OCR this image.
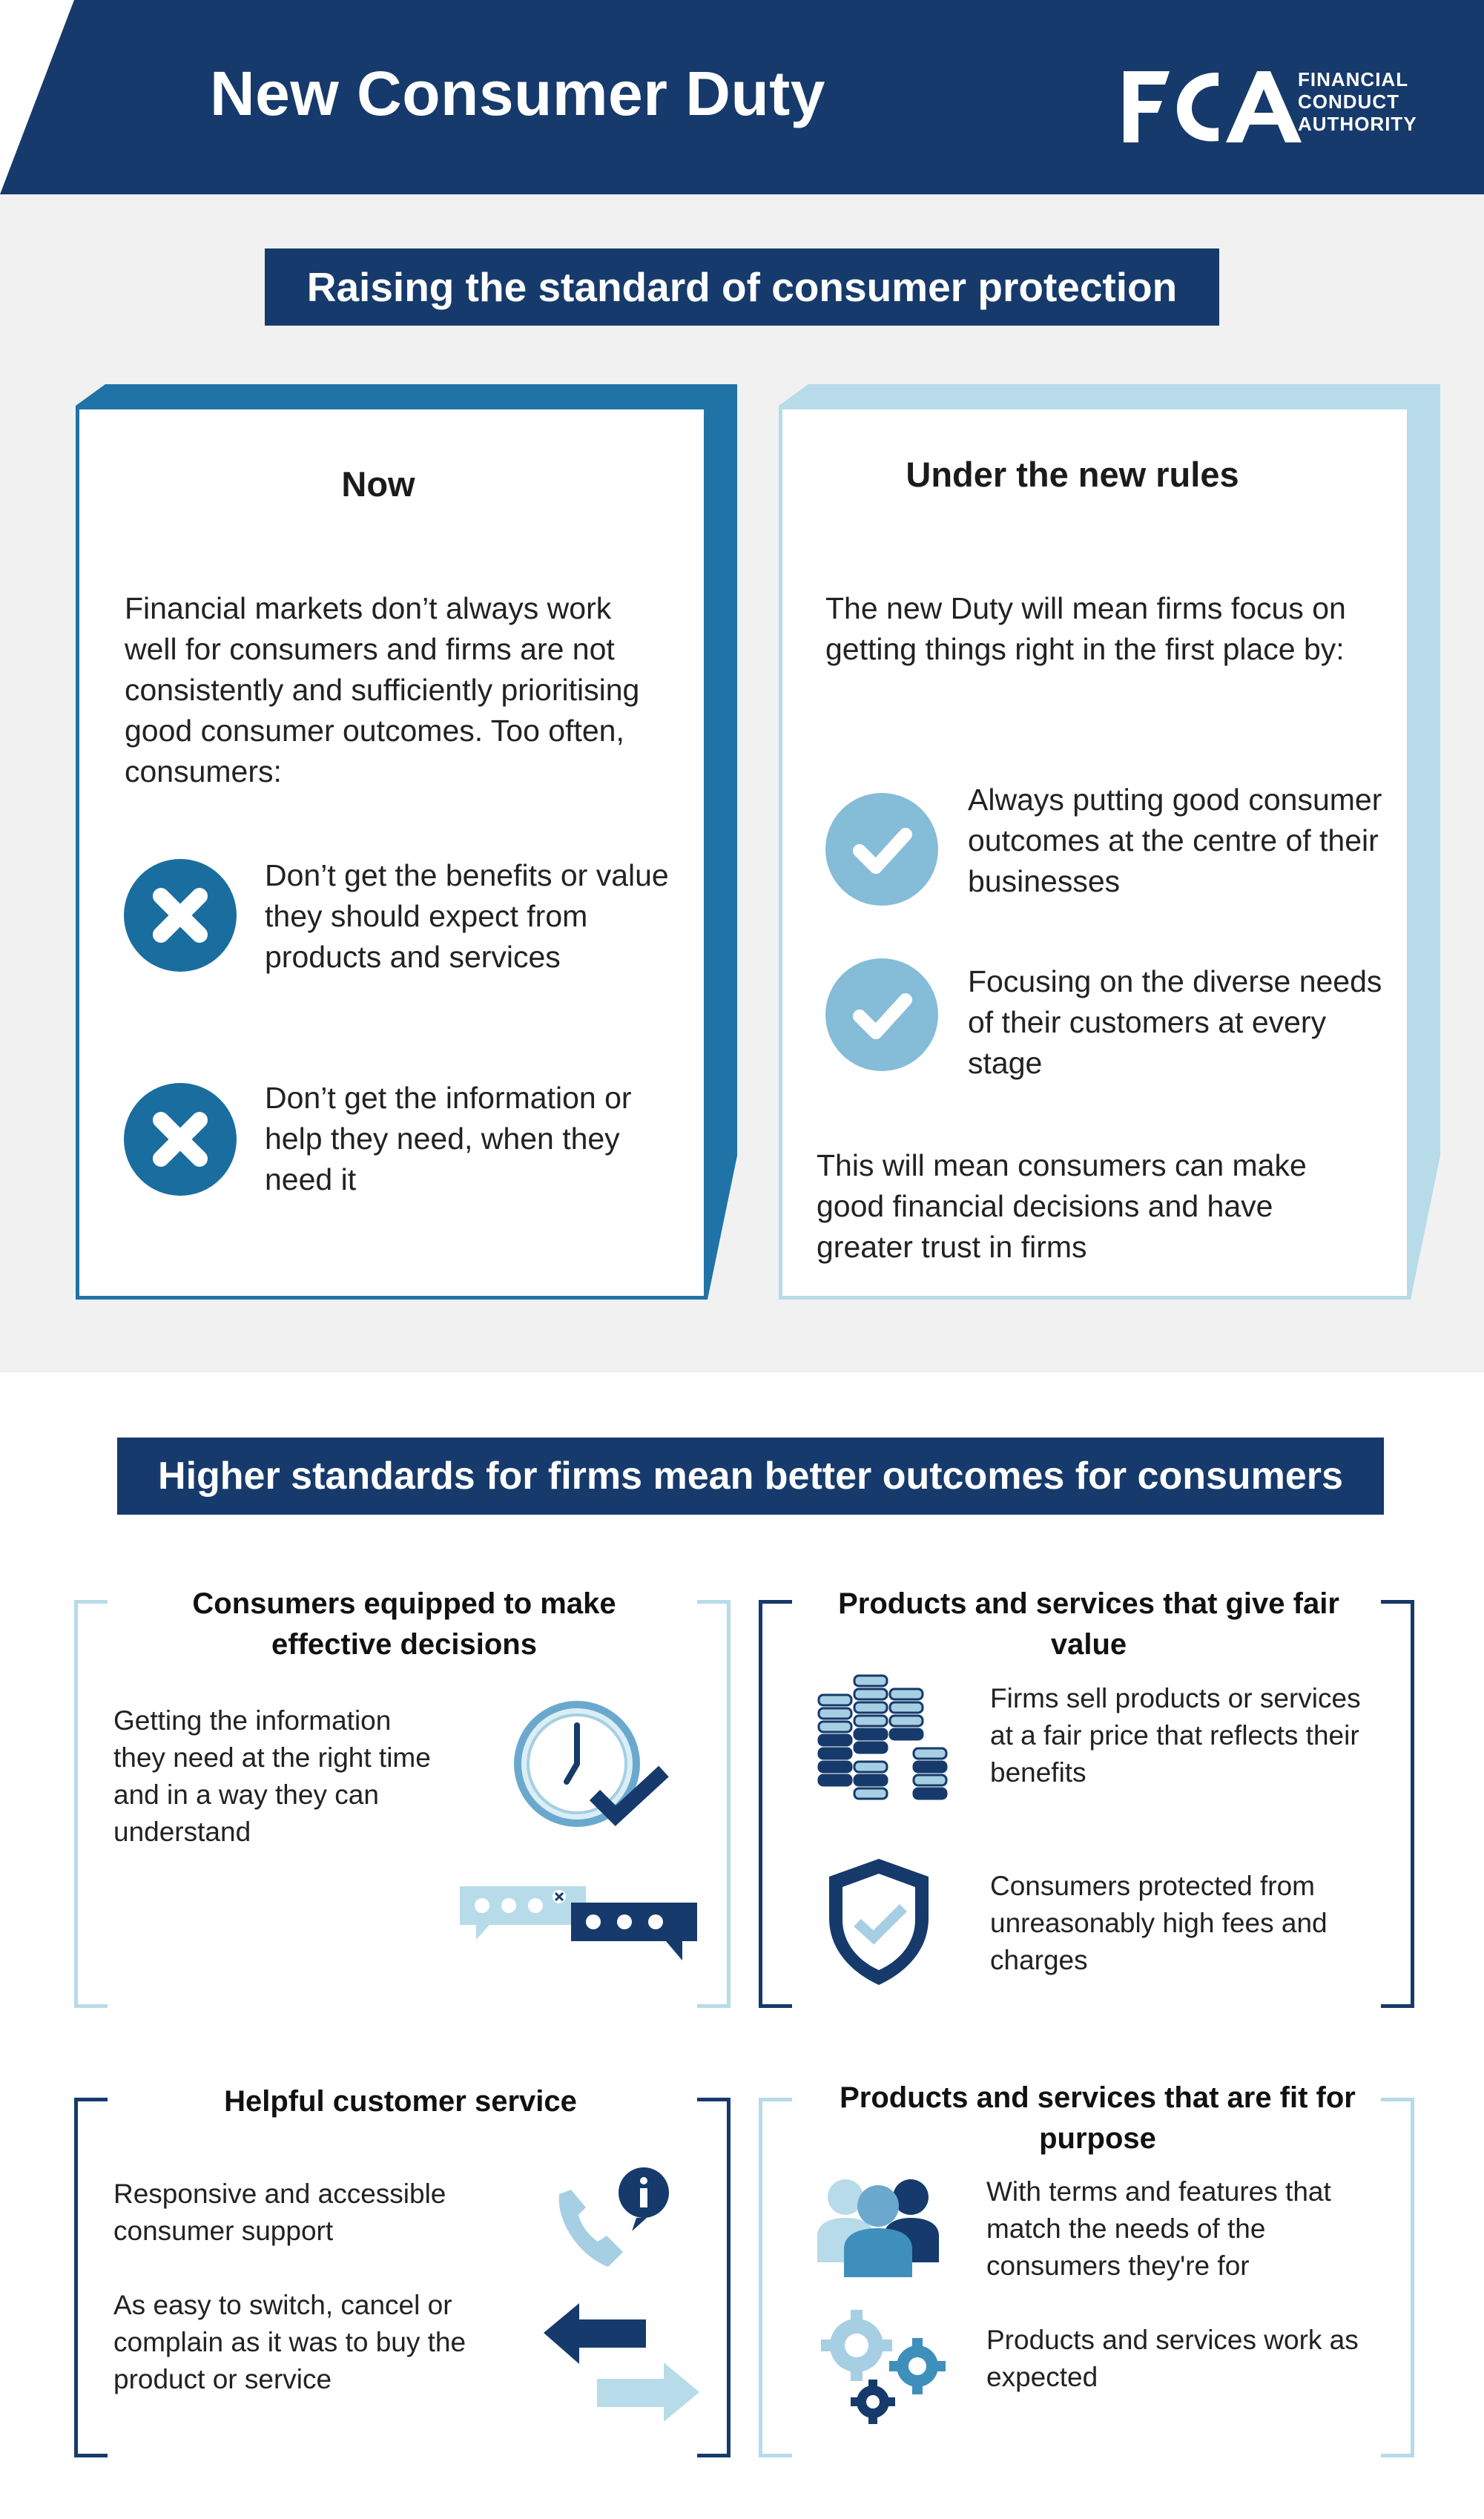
New Consumer Duty	FCA
FINANCIAL
CONDUCT
AUTHORITY
Raising the standard of consumer protection
Now
Financial markets don’t always work well for consumers and firms are not consistently and sufficiently prioritising good consumer outcomes. Too often, consumers:
Don’t get the benefits or value they should expect from products and services
Don’t get the information or help they need, when they need it
Under the new rules
The new Duty will mean firms focus on getting things right in the first place by:
Always putting good consumer outcomes at the centre of their businesses
Focusing on the diverse needs of their customers at every stage
This will mean consumers can make good financial decisions and have greater trust in firms
Higher standards for firms mean better outcomes for consumers
Consumers equipped to make effective decisions
Getting the information they need at the right time and in a way they can understand
Products and services that give fair value
Firms sell products or services at a fair price that reflects their benefits
Consumers protected from unreasonably high fees and charges
Helpful customer service
Responsive and accessible consumer support
As easy to switch, cancel or complain as it was to buy the product or service
Products and services that are fit for purpose
With terms and features that match the needs of the consumers they're for
Products and services work as expected
